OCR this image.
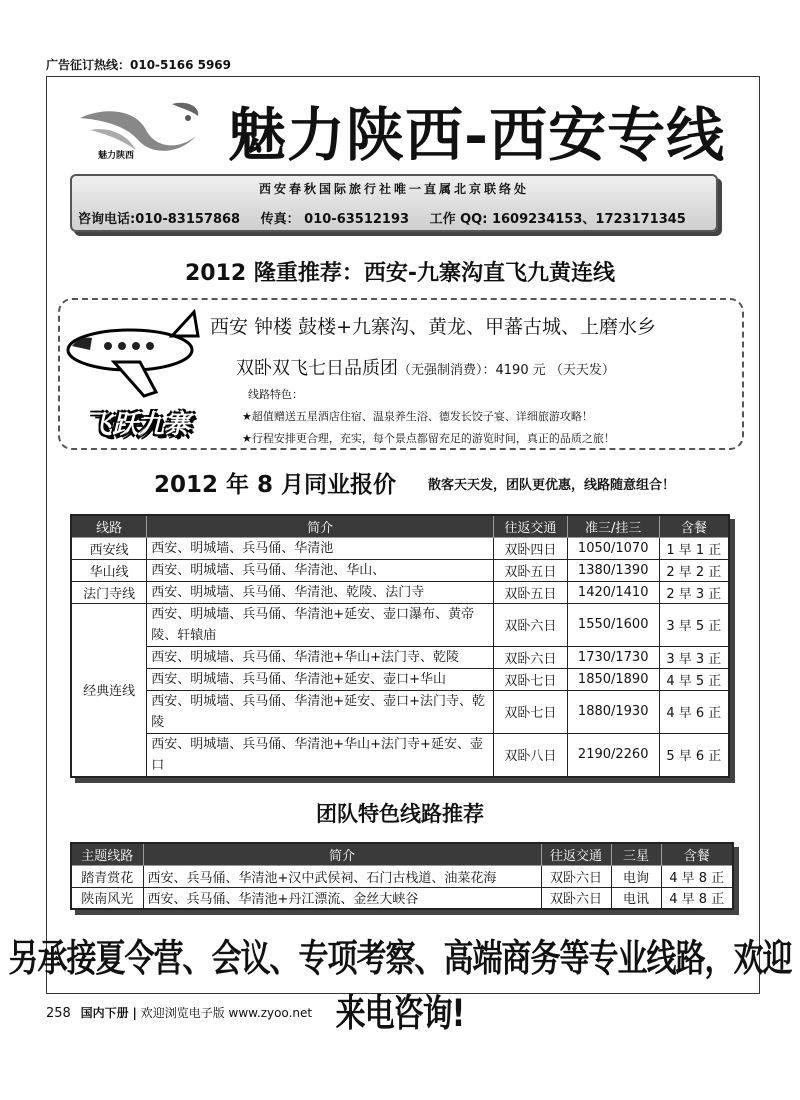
广告征订热线：010-5166 5969
魅力陕西 魅力陕西-西安专线
西安春秋国际旅行社唯一直属北京联络处
咨询电话:010-83157868 传真： 010-63512193 工作 QQ: 1609234153、1723171345
2012 隆重推荐：西安-九寨沟直飞九黄连线
飞跃九寨
西安 钟楼 鼓楼+九寨沟、黄龙、甲蕃古城、上磨水乡
双卧双飞七日品质团（无强制消费）：4190 元 （天天发）
线路特色：
★超值赠送五星酒店住宿、温泉养生浴、德发长饺子宴、详细旅游攻略！
★行程安排更合理，充实，每个景点都留充足的游览时间，真正的品质之旅！
2012 年 8 月同业报价 散客天天发，团队更优惠，线路随意组合！
线路	简介	往返交通	准三/挂三	含餐
西安线	西安、明城墙、兵马俑、华清池	双卧四日	1050/1070	1 早 1 正
华山线	西安、明城墙、兵马俑、华清池、华山、	双卧五日	1380/1390	2 早 2 正
法门寺线	西安、明城墙、兵马俑、华清池、乾陵、法门寺	双卧五日	1420/1410	2 早 3 正
经典连线	西安、明城墙、兵马俑、华清池+延安、壶口瀑布、黄帝陵、轩辕庙	双卧六日	1550/1600	3 早 5 正
	西安、明城墙、兵马俑、华清池+华山+法门寺、乾陵	双卧六日	1730/1730	3 早 3 正
	西安、明城墙、兵马俑、华清池+延安、壶口+华山	双卧七日	1850/1890	4 早 5 正
	西安、明城墙、兵马俑、华清池+延安、壶口+法门寺、乾陵	双卧七日	1880/1930	4 早 6 正
	西安、明城墙、兵马俑、华清池+华山+法门寺+延安、壶口	双卧八日	2190/2260	5 早 6 正
团队特色线路推荐
主题线路	简介	往返交通	三星	含餐
踏青赏花	西安、兵马俑、华清池+汉中武侯祠、石门古栈道、油菜花海	双卧六日	电询	4 早 8 正
陕南风光	西安、兵马俑、华清池+丹江漂流、金丝大峡谷	双卧六日	电讯	4 早 8 正
另承接夏令营、会议、专项考察、高端商务等专业线路，欢迎来电咨询!
258 国内下册 | 欢迎浏览电子版 www.zyoo.net
